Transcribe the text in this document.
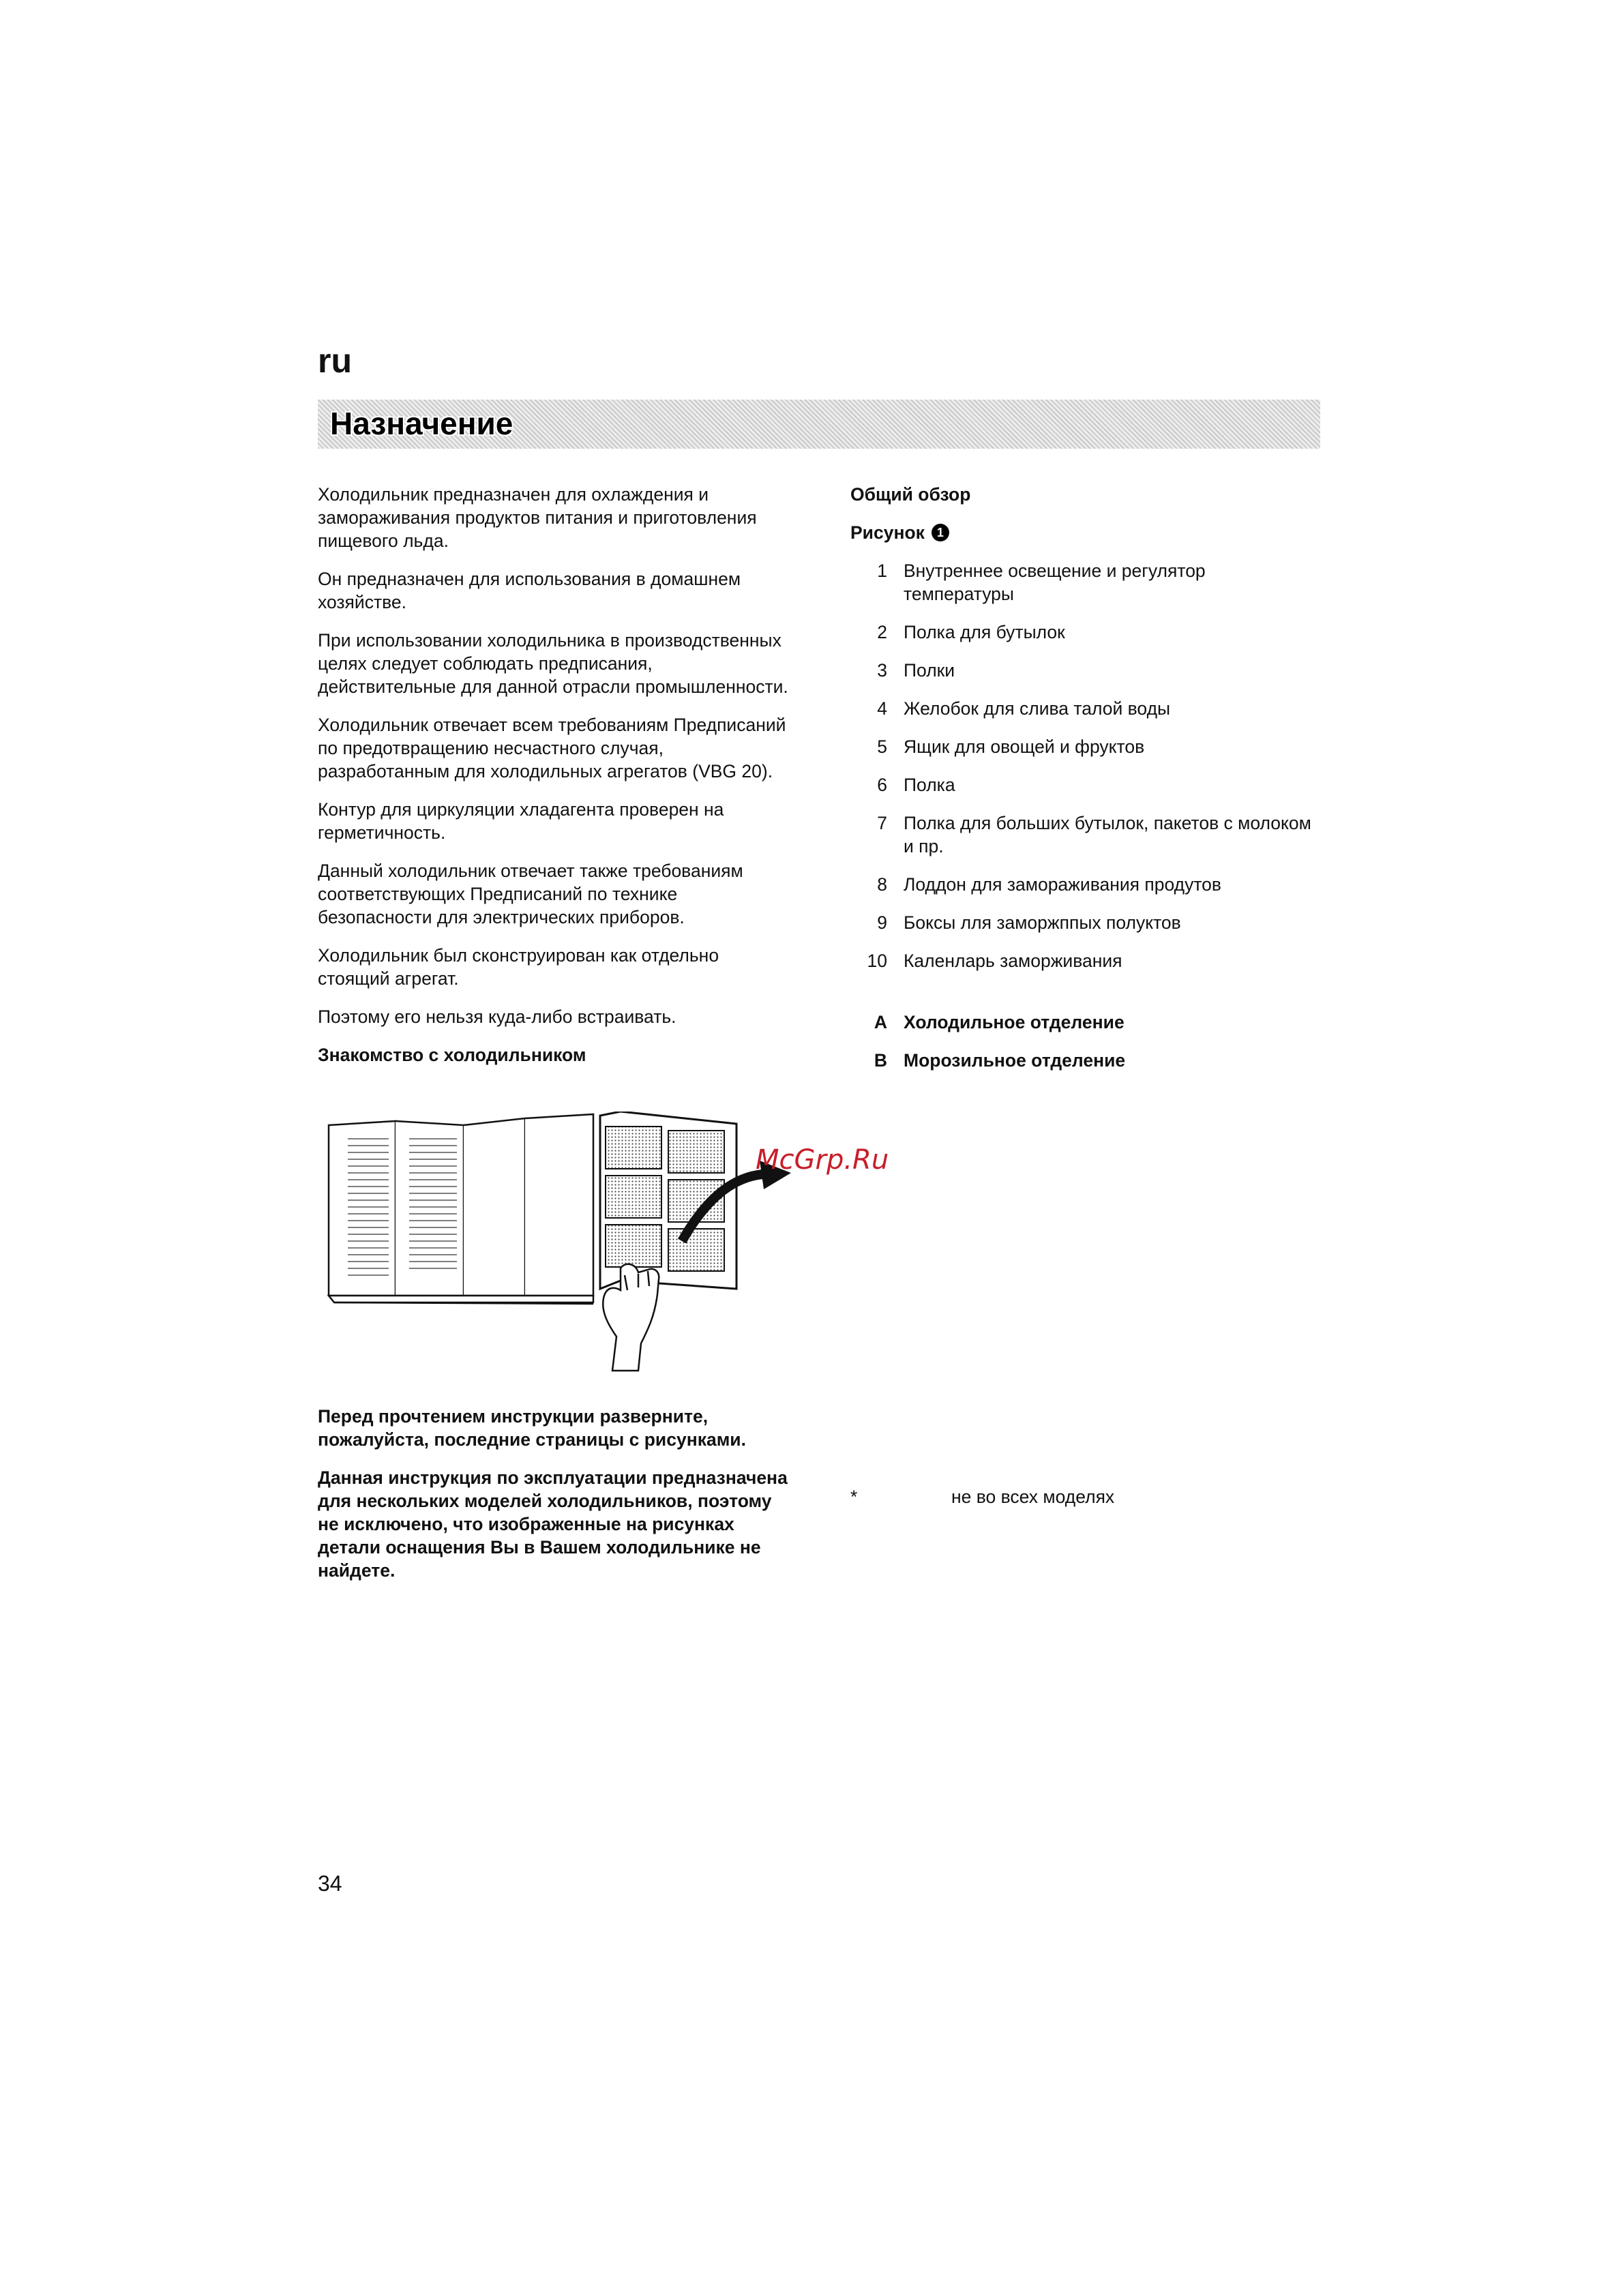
ru
Назначение

Холодильник предназначен для охлаждения и замораживания продуктов питания и приготовления пищевого льда.

Он предназначен для использования в домашнем хозяйстве.

При использовании холодильника в производственных целях следует соблюдать предписания, действительные для данной отрасли промышленности.

Холодильник отвечает всем требованиям Предписаний по предотвращению несчастного случая, разработанным для холодильных агрегатов (VBG 20).

Контур для циркуляции хладагента проверен на герметичность.

Данный холодильник отвечает также требованиям соответствующих Предписаний по технике безопасности для электрических приборов.

Холодильник был сконструирован как отдельно стоящий агрегат.

Поэтому его нельзя куда-либо встраивать.

Знакомство с холодильником

Перед прочтением инструкции разверните, пожалуйста, последние страницы с рисунками.

Данная инструкция по эксплуатации предназначена для нескольких моделей холодильников, поэтому не исключено, что изображенные на рисунках детали оснащения Вы в Вашем холодильнике не найдете.

Общий обзор
Рисунок 1
1 Внутреннее освещение и регулятор температуры
2 Полка для бутылок
3 Полки
4 Желобок для слива талой воды
5 Ящик для овощей и фруктов
6 Полка
7 Полка для больших бутылок, пакетов с молоком и пр.
8 Лоддон для замораживания продутов
9 Боксы лля заморжппых полуктов
10 Каленларь заморживания
A Холодильное отделение
B Морозильное отделение
McGrp.Ru
*	не во всех моделях
34
